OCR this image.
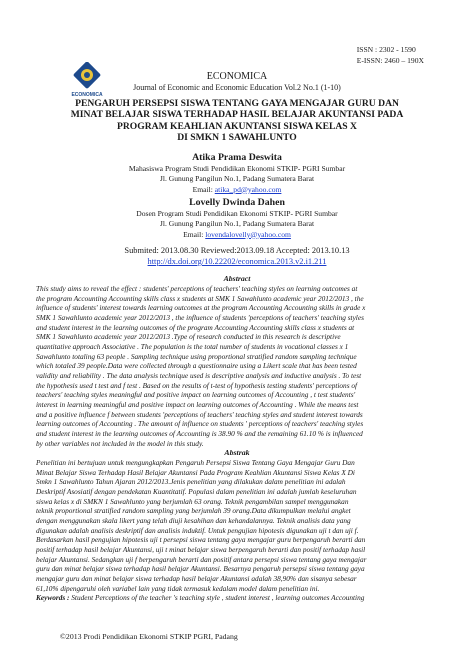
ISSN : 2302 - 1590
E-ISSN: 2460 – 190X
ECONOMICA
ECONOMICA
Journal of Economic and Economic Education Vol.2 No.1 (1-10)
PENGARUH PERSEPSI SISWA TENTANG GAYA MENGAJAR GURU DAN
MINAT BELAJAR SISWA TERHADAP HASIL BELAJAR AKUNTANSI PADA
PROGRAM KEAHLIAN AKUNTANSI SISWA KELAS X
DI SMKN 1 SAWAHLUNTO

Atika Prama Deswita

Mahasiswa Program Studi Pendidikan Ekonomi STKIP- PGRI Sumbar

Jl. Gunung Pangilun No.1, Padang Sumatera Barat

Email: atika_pd@yahoo.com

Lovelly Dwinda Dahen

Dosen Program Studi Pendidikan Ekonomi STKIP- PGRI Sumbar

Jl. Gunung Pangilun No.1, Padang Sumatera Barat

Email: lovendalovelly@yahoo.com

Submited: 2013.08.30 Reviewed:2013.09.18 Accepted: 2013.10.13
http://dx.doi.org/10.22202/economica.2013.v2.i1.211
Abstract
This study aims to reveal the effect : students' perceptions of teachers' teaching styles on learning outcomes at
the program Accounting Accounting skills class x students at SMK 1 Sawahlunto academic year 2012/2013 , the
influence of students' interest towards learning outcomes at the program Accounting Accounting skills in grade x
SMK 1 Sawahlunto academic year 2012/2013 , the influence of students 'perceptions of teachers' teaching styles
and student interest in the learning outcomes of the program Accounting Accounting skills class x students at
SMK 1 Sawahlunto academic year 2012/2013 .Type of research conducted in this research is descriptive
quantitative approach Associative . The population is the total number of students in vocational classes x 1
Sawahlunto totaling 63 people . Sampling technique using proportional stratified random sampling technique
which totaled 39 people.Data were collected through a questionnaire using a Likert scale that has been tested
validity and reliability . The data analysis technique used is descriptive analysis and inductive analysis . To test
the hypothesis used t test and f test . Based on the results of t-test of hypothesis testing students' perceptions of
teachers' teaching styles meaningful and positive impact on learning outcomes of Accounting , t test students'
interest in learning meaningful and positive impact on learning outcomes of Accounting . While the means test
and a positive influence f between students 'perceptions of teachers' teaching styles and student interest towards
learning outcomes of Accounting . The amount of influence on students ' perceptions of teachers' teaching styles
and student interest in the learning outcomes of Accounting is 38.90 % and the remaining 61.10 % is influenced
by other variables not included in the model in this study.
Abstrak
Penelitian ini bertujuan untuk mengungkapkan Pengaruh Persepsi Siswa Tentang Gaya Mengajar Guru Dan
Minat Belajar Siswa Terhadap Hasil Belajar Akuntansi Pada Program Keahlian Akuntansi Siswa Kelas X Di
Smkn 1 Sawahlunto Tahun Ajaran 2012/2013.Jenis penelitian yang dilakukan dalam penelitian ini adalah
Deskriptif Asosiatif dengan pendekatan Kuantitatif. Populasi dalam penelitian ini adalah jumlah keseluruhan
siswa kelas x di SMKN 1 Sawahlunto yang berjumlah 63 orang. Teknik pengambilan sampel menggunakan
teknik proportional stratified random sampling yang berjumlah 39 orang.Data dikumpulkan melalui angket
dengan menggunakan skala likert yang telah diuji kesahihan dan kehandalannya. Teknik analisis data yang
digunakan adalah analisis deskriptif dan analisis induktif. Untuk pengujian hipotesis digunakan uji t dan uji f.
Berdasarkan hasil pengujian hipotesis uji t persepsi siswa tentang gaya mengajar guru berpengaruh berarti dan
positif terhadap hasil belajar Akuntansi, uji t minat belajar siswa berpengaruh berarti dan positif terhadap hasil
belajar Akuntansi. Sedangkan uji f berpengaruh berarti dan positif antara persepsi siswa tentang gaya mengajar
guru dan minat belajar siswa terhadap hasil belajar Akuntansi. Besarnya pengaruh persepsi siswa tentang gaya
mengajar guru dan minat belajar siswa terhadap hasil belajar Akuntansi adalah 38,90% dan sisanya sebesar
61,10% dipengaruhi oleh variabel lain yang tidak termasuk kedalam model dalam penelitian ini.
Keywords : Student Perceptions of the teacher 's teaching style , student interest , learning outcomes Accounting
©2013 Prodi Pendidikan Ekonomi STKIP PGRI, Padang
